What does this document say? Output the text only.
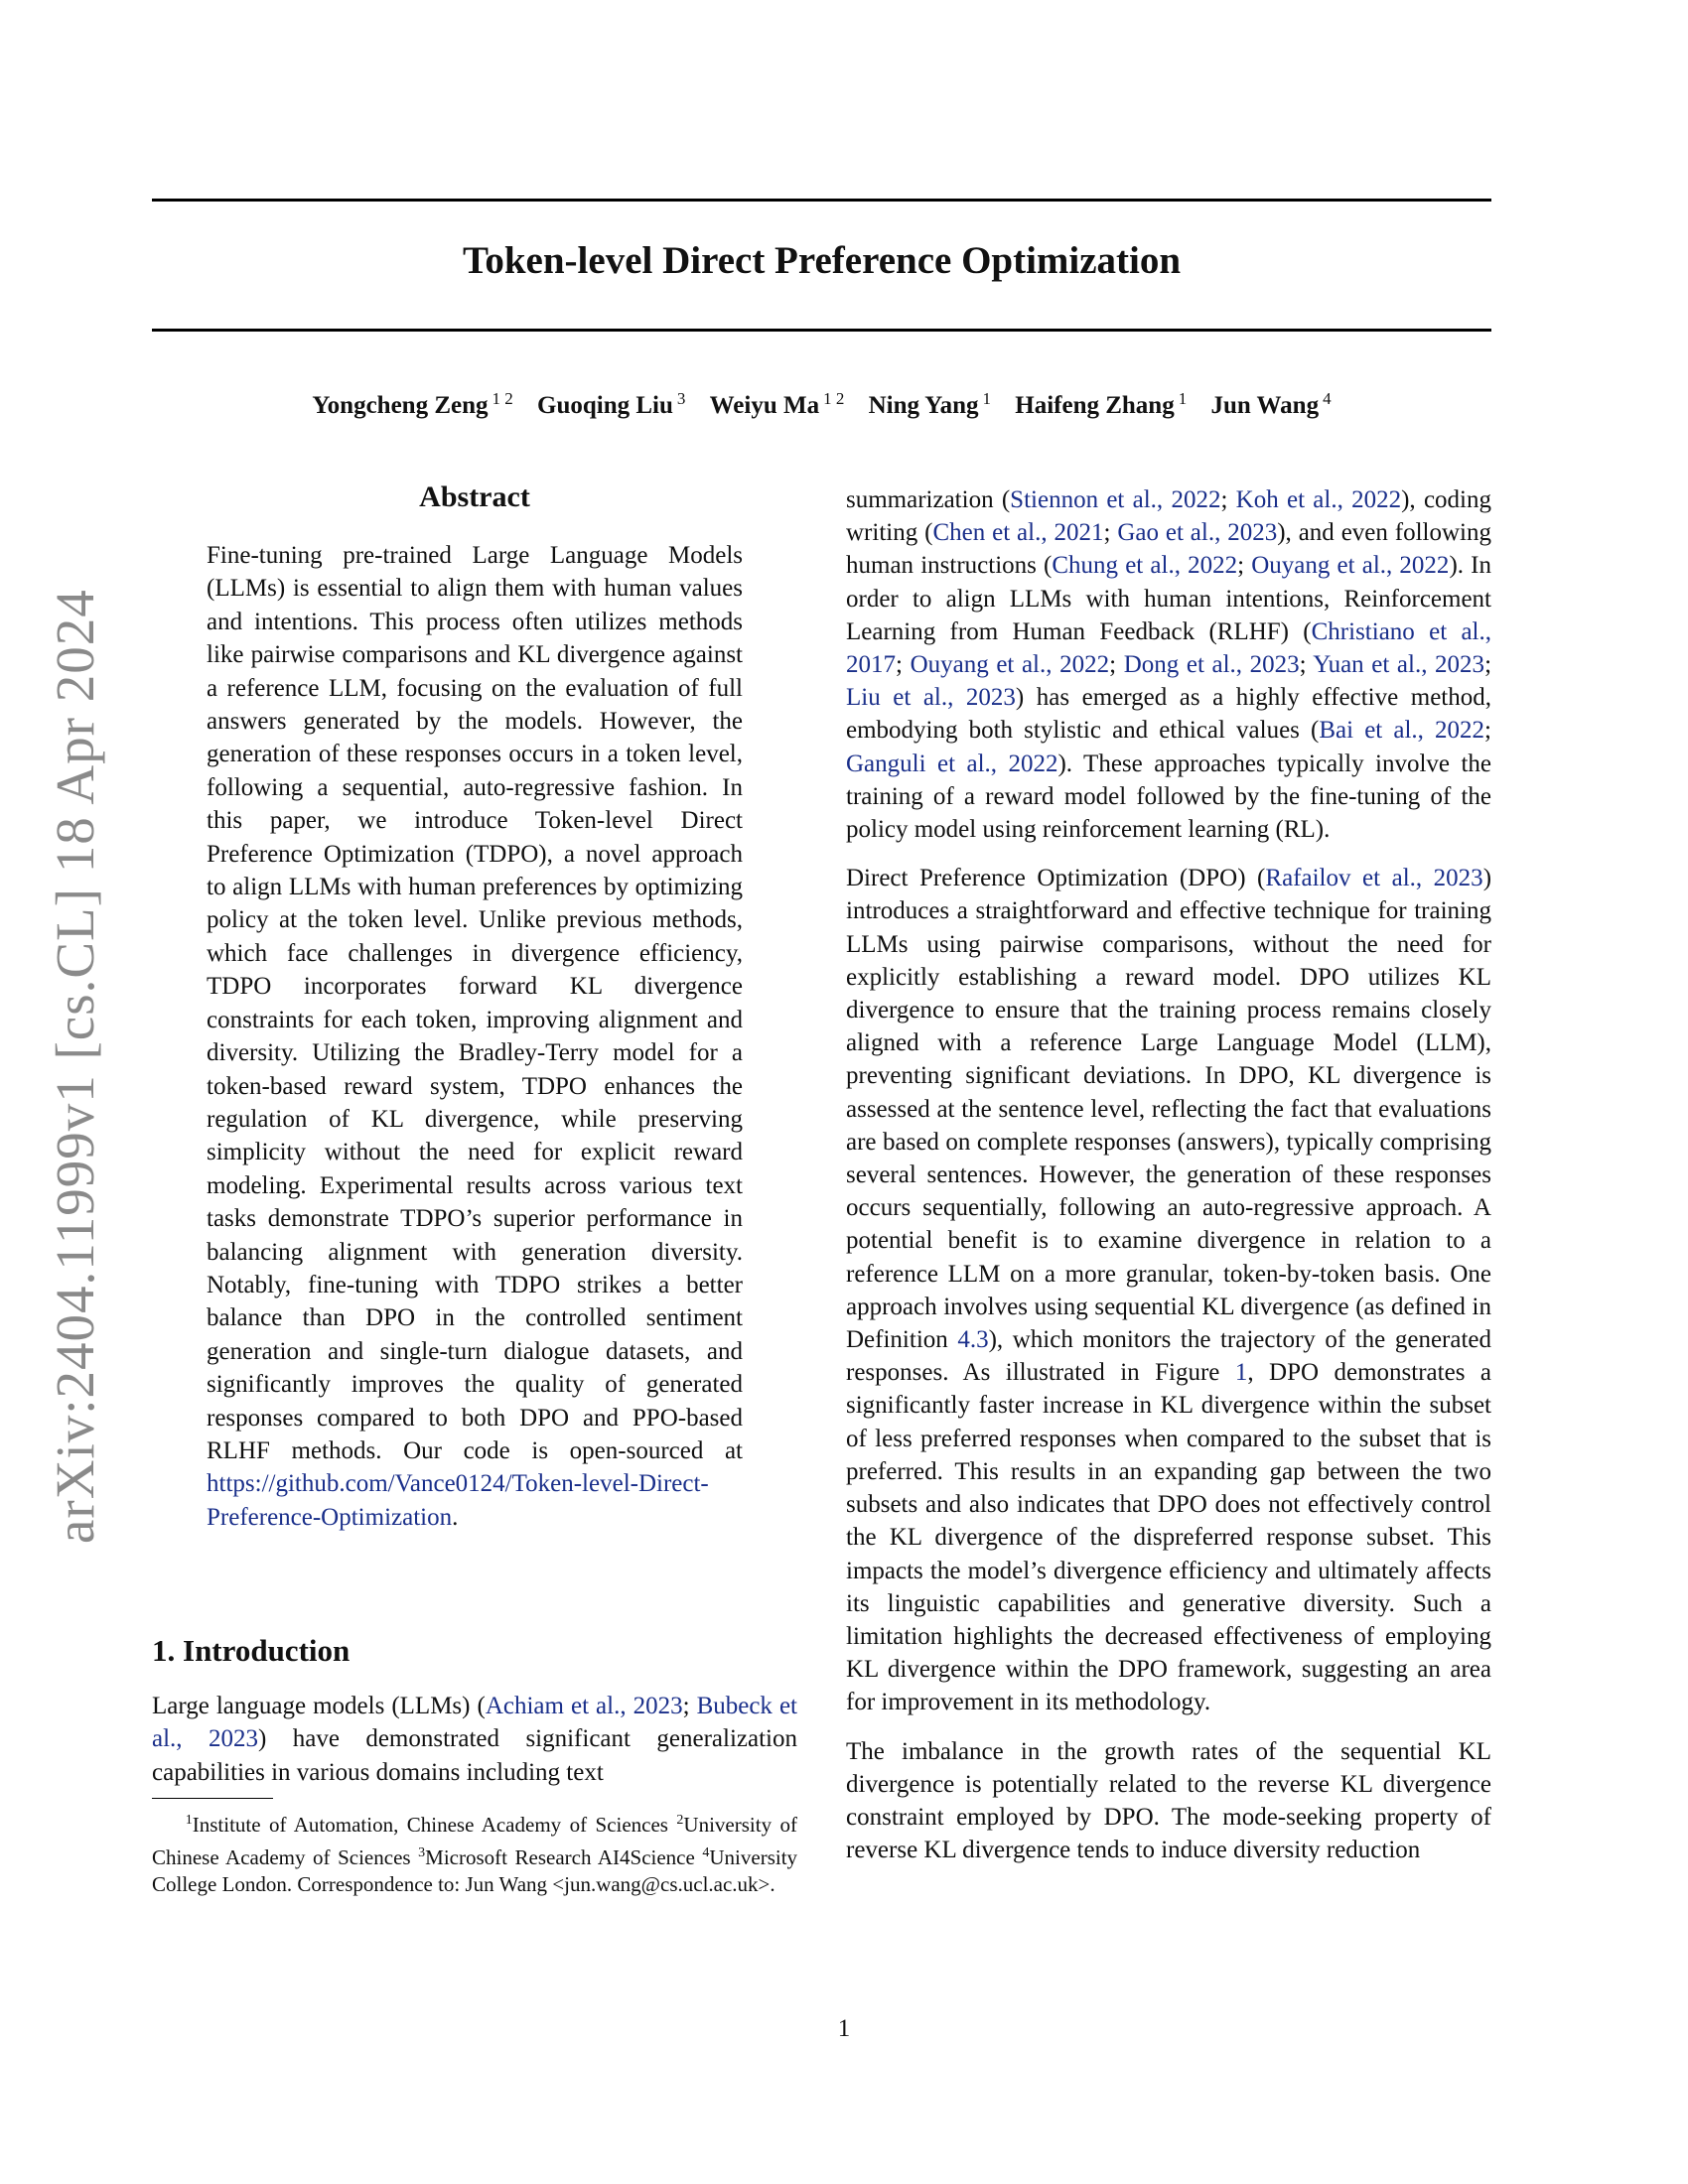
arXiv:2404.11999v1 [cs.CL] 18 Apr 2024
Token-level Direct Preference Optimization
Yongcheng Zeng $^{1 2}$ Guoqing Liu $^3$ Weiyu Ma $^{1 2}$ Ning Yang $^1$ Haifeng Zhang $^1$ Jun Wang $^4$
Abstract

Fine-tuning pre-trained Large Language Models (LLMs) is essential to align them with human values and intentions. This process often utilizes methods like pairwise comparisons and KL divergence against a reference LLM, focusing on the evaluation of full answers generated by the models. However, the generation of these responses occurs in a token level, following a sequential, auto-regressive fashion. In this paper, we introduce Token-level Direct Preference Optimization (TDPO), a novel approach to align LLMs with human preferences by optimizing policy at the token level. Unlike previous methods, which face challenges in divergence efficiency, TDPO incorporates forward KL divergence constraints for each token, improving alignment and diversity. Utilizing the Bradley-Terry model for a token-based reward system, TDPO enhances the regulation of KL divergence, while preserving simplicity without the need for explicit reward modeling. Experimental results across various text tasks demonstrate TDPO’s superior performance in balancing alignment with generation diversity. Notably, fine-tuning with TDPO strikes a better balance than DPO in the controlled sentiment generation and single-turn dialogue datasets, and significantly improves the quality of generated responses compared to both DPO and PPO-based RLHF methods. Our code is open-sourced at https://github.com/Vance0124/Token-level-Direct-Preference-Optimization.

1. Introduction

Large language models (LLMs) (Achiam et al., 2023; Bubeck et al., 2023) have demonstrated significant generalization capabilities in various domains including text

$^1$Institute of Automation, Chinese Academy of Sciences $^2$University of Chinese Academy of Sciences $^3$Microsoft Research AI4Science $^4$University College London. Correspondence to: Jun Wang <jun.wang@cs.ucl.ac.uk>.

summarization (Stiennon et al., 2022; Koh et al., 2022), coding writing (Chen et al., 2021; Gao et al., 2023), and even following human instructions (Chung et al., 2022; Ouyang et al., 2022). In order to align LLMs with human intentions, Reinforcement Learning from Human Feedback (RLHF) (Christiano et al., 2017; Ouyang et al., 2022; Dong et al., 2023; Yuan et al., 2023; Liu et al., 2023) has emerged as a highly effective method, embodying both stylistic and ethical values (Bai et al., 2022; Ganguli et al., 2022). These approaches typically involve the training of a reward model followed by the fine-tuning of the policy model using reinforcement learning (RL).

Direct Preference Optimization (DPO) (Rafailov et al., 2023) introduces a straightforward and effective technique for training LLMs using pairwise comparisons, without the need for explicitly establishing a reward model. DPO utilizes KL divergence to ensure that the training process remains closely aligned with a reference Large Language Model (LLM), preventing significant deviations. In DPO, KL divergence is assessed at the sentence level, reflecting the fact that evaluations are based on complete responses (answers), typically comprising several sentences. However, the generation of these responses occurs sequentially, following an auto-regressive approach. A potential benefit is to examine divergence in relation to a reference LLM on a more granular, token-by-token basis. One approach involves using sequential KL divergence (as defined in Definition 4.3), which monitors the trajectory of the generated responses. As illustrated in Figure 1, DPO demonstrates a significantly faster increase in KL divergence within the subset of less preferred responses when compared to the subset that is preferred. This results in an expanding gap between the two subsets and also indicates that DPO does not effectively control the KL divergence of the dispreferred response subset. This impacts the model’s divergence efficiency and ultimately affects its linguistic capabilities and generative diversity. Such a limitation highlights the decreased effectiveness of employing KL divergence within the DPO framework, suggesting an area for improvement in its methodology.

The imbalance in the growth rates of the sequential KL divergence is potentially related to the reverse KL divergence constraint employed by DPO. The mode-seeking property of reverse KL divergence tends to induce diversity reduction

1
